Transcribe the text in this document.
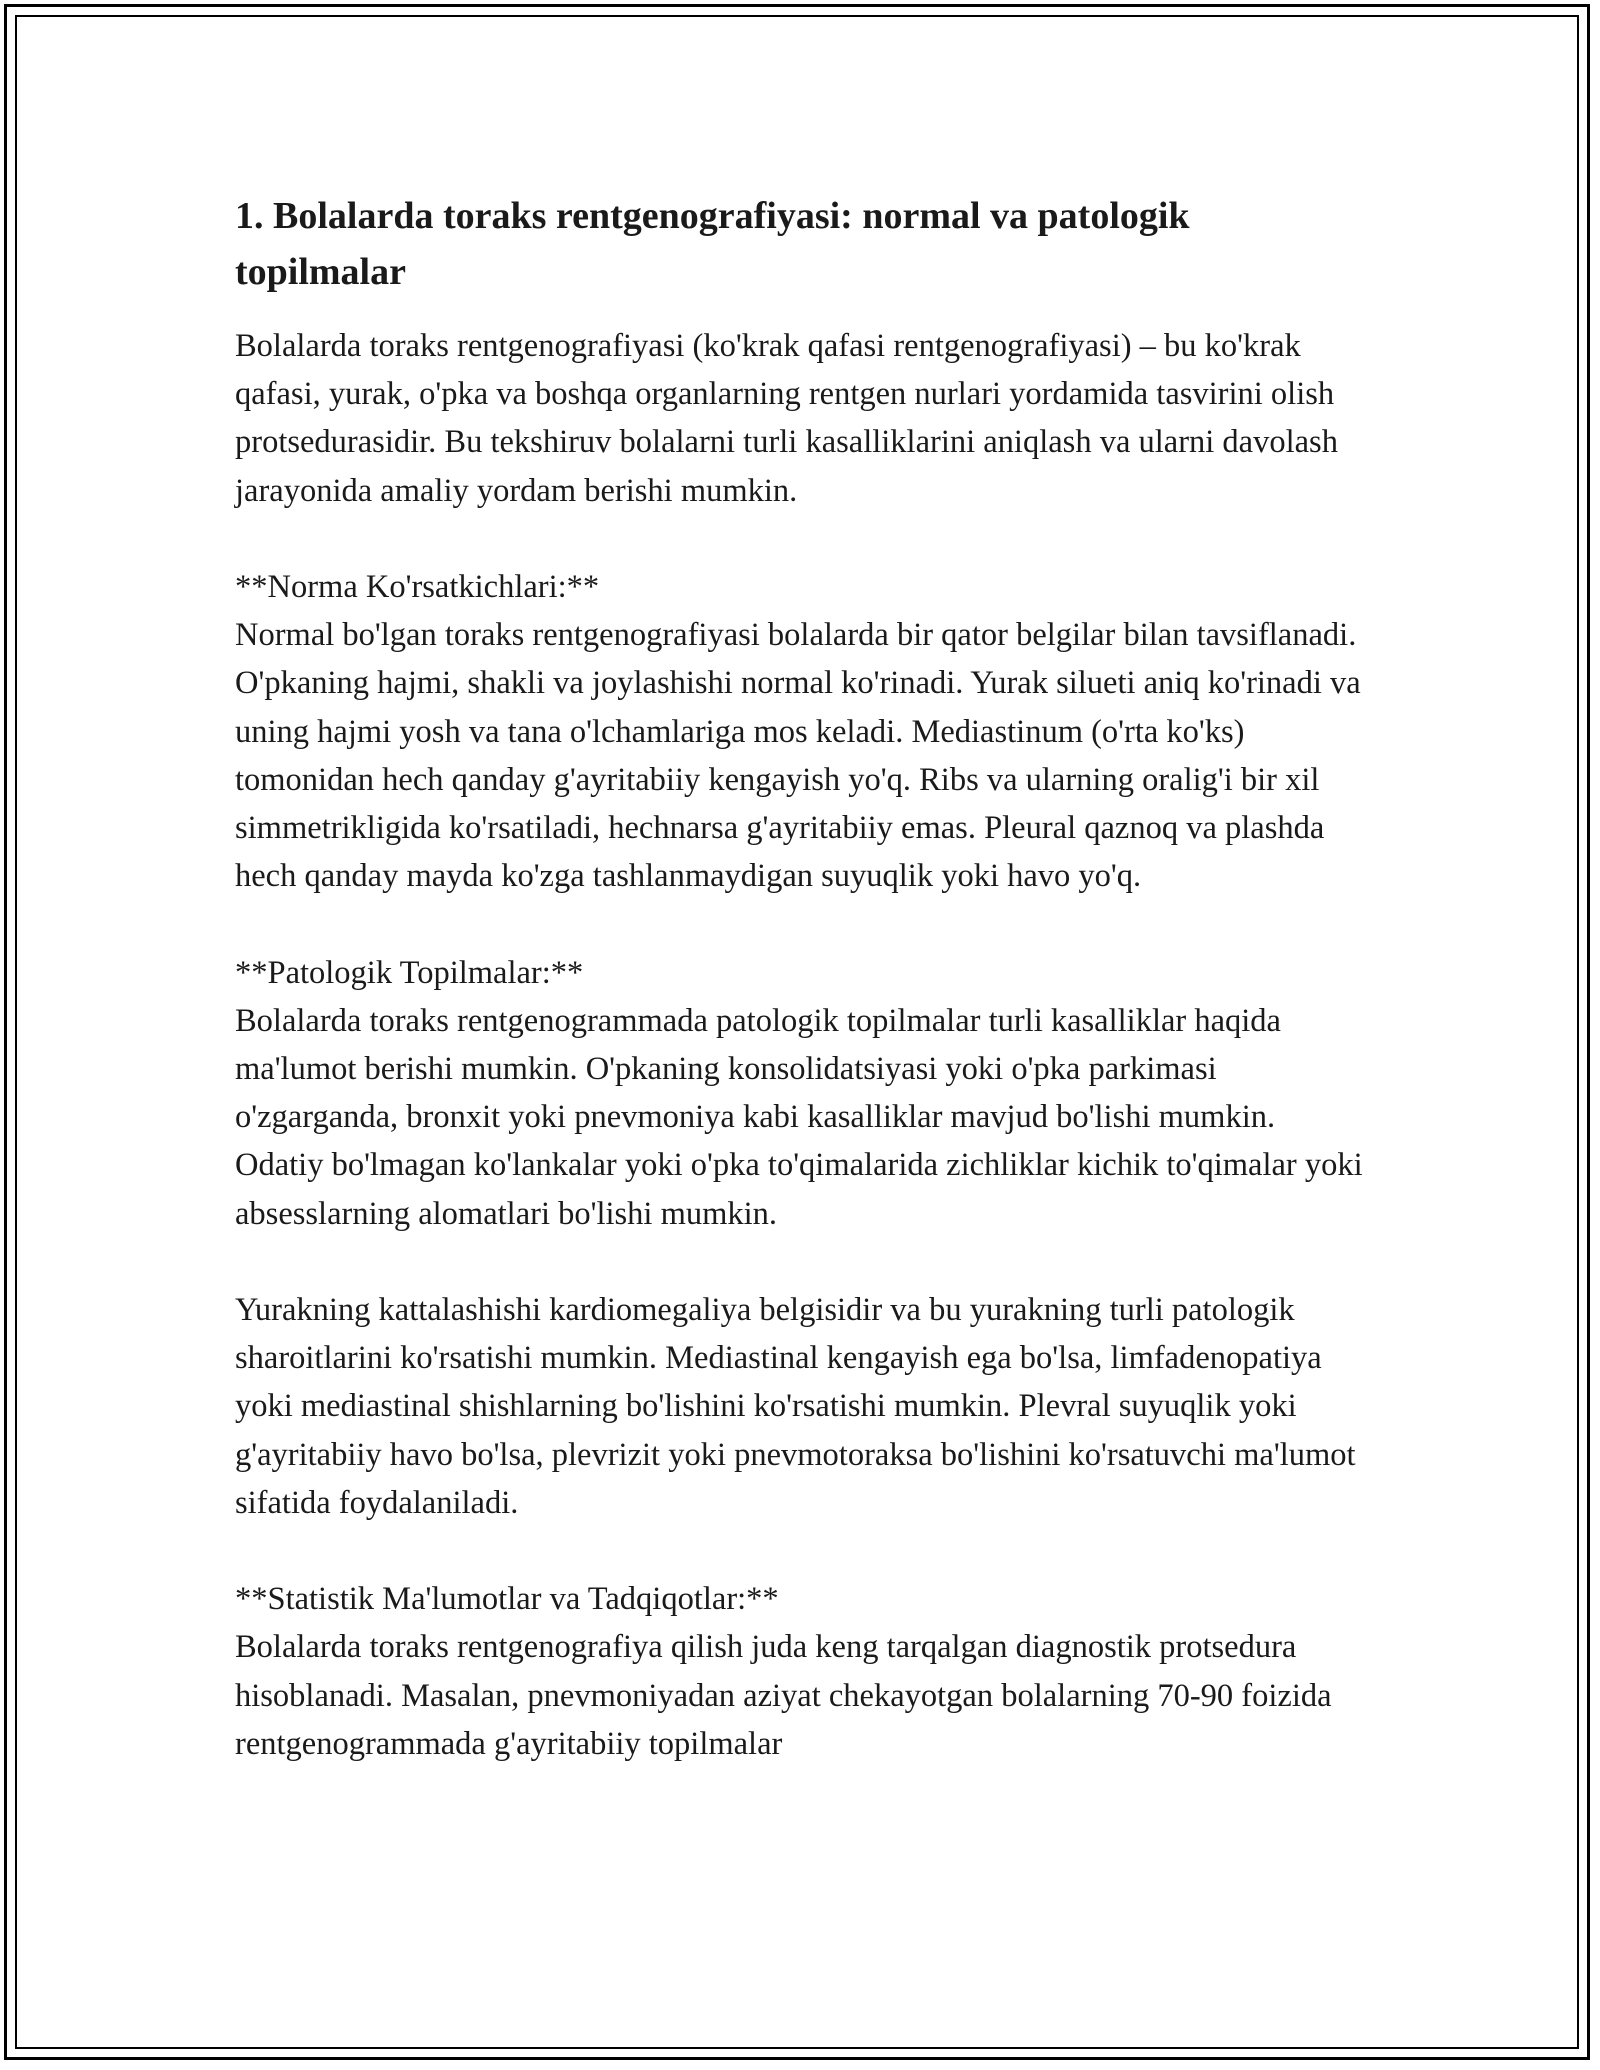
1. Bolalarda toraks rentgenografiyasi: normal va patologik topilmalar

Bolalarda toraks rentgenografiyasi (ko'krak qafasi rentgenografiyasi) – bu ko'krak qafasi, yurak, o'pka va boshqa organlarning rentgen nurlari yordamida tasvirini olish protsedurasidir. Bu tekshiruv bolalarni turli kasalliklarini aniqlash va ularni davolash jarayonida amaliy yordam berishi mumkin.

**Norma Ko'rsatkichlari:**

Normal bo'lgan toraks rentgenografiyasi bolalarda bir qator belgilar bilan tavsiflanadi. O'pkaning hajmi, shakli va joylashishi normal ko'rinadi. Yurak silueti aniq ko'rinadi va uning hajmi yosh va tana o'lchamlariga mos keladi. Mediastinum (o'rta ko'ks) tomonidan hech qanday g'ayritabiiy kengayish yo'q. Ribs va ularning oralig'i bir xil simmetrikligida ko'rsatiladi, hechnarsa g'ayritabiiy emas. Pleural qaznoq va plashda hech qanday mayda ko'zga tashlanmaydigan suyuqlik yoki havo yo'q.

**Patologik Topilmalar:**

Bolalarda toraks rentgenogrammada patologik topilmalar turli kasalliklar haqida ma'lumot berishi mumkin. O'pkaning konsolidatsiyasi yoki o'pka parkimasi o'zgarganda, bronxit yoki pnevmoniya kabi kasalliklar mavjud bo'lishi mumkin. Odatiy bo'lmagan ko'lankalar yoki o'pka to'qimalarida zichliklar kichik to'qimalar yoki absesslarning alomatlari bo'lishi mumkin.

Yurakning kattalashishi kardiomegaliya belgisidir va bu yurakning turli patologik sharoitlarini ko'rsatishi mumkin. Mediastinal kengayish ega bo'lsa, limfadenopatiya yoki mediastinal shishlarning bo'lishini ko'rsatishi mumkin. Plevral suyuqlik yoki g'ayritabiiy havo bo'lsa, plevrizit yoki pnevmotoraksa bo'lishini ko'rsatuvchi ma'lumot sifatida foydalaniladi.

**Statistik Ma'lumotlar va Tadqiqotlar:**

Bolalarda toraks rentgenografiya qilish juda keng tarqalgan diagnostik protsedura hisoblanadi. Masalan, pnevmoniyadan aziyat chekayotgan bolalarning 70-90 foizida rentgenogrammada g'ayritabiiy topilmalar
